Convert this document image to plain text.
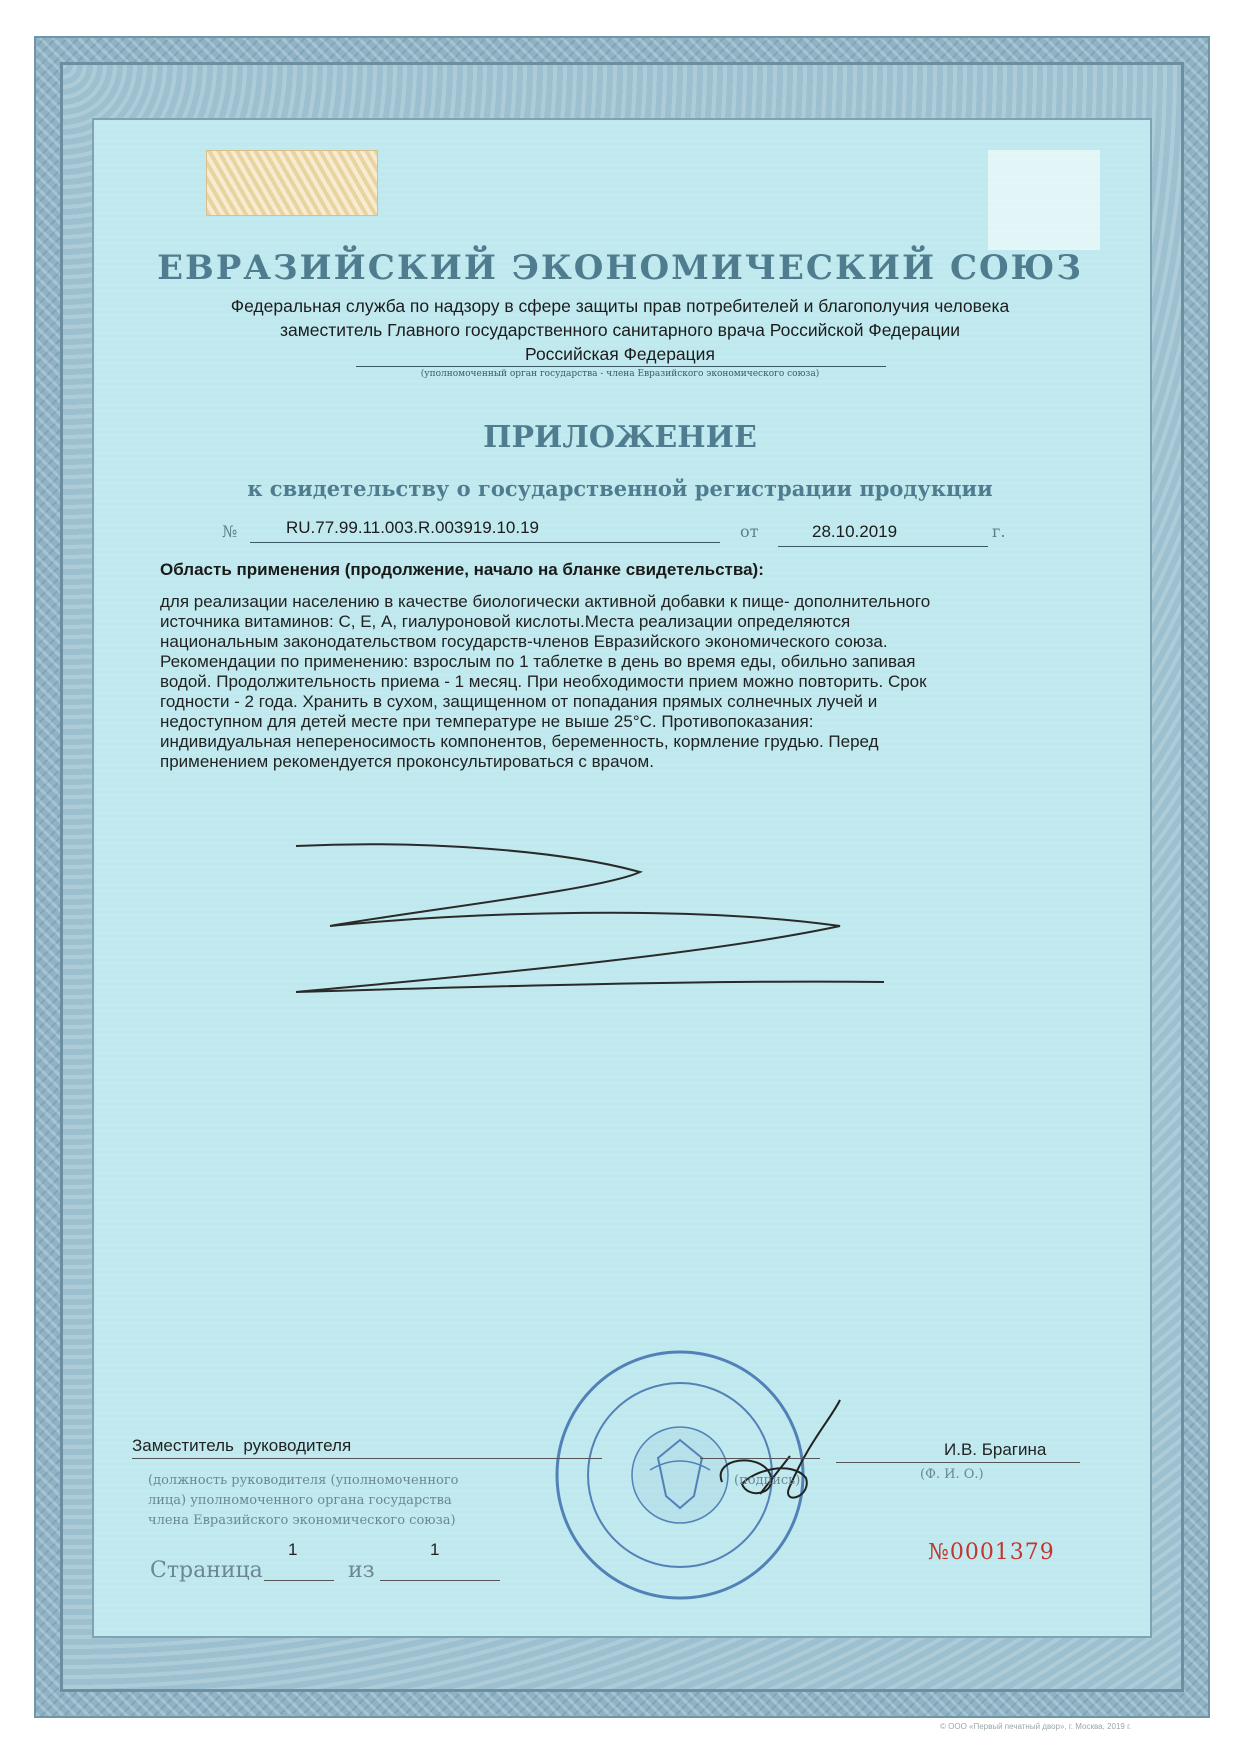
ЕВРАЗИЙСКИЙ ЭКОНОМИЧЕСКИЙ СОЮЗ
Федеральная служба по надзору в сфере защиты прав потребителей и благополучия человека
заместитель Главного государственного санитарного врача Российской Федерации
Российская Федерация
(уполномоченный орган государства - члена Евразийского экономического союза)
ПРИЛОЖЕНИЕ
к свидетельству о государственной регистрации продукции
№	RU.77.99.11.003.R.003919.10.19	от	28.10.2019	г.
Область применения (продолжение, начало на бланке свидетельства):
для реализации населению в качестве биологически активной добавки к пище- дополнительного
источника витаминов: С, Е, А, гиалуроновой кислоты.Места реализации определяются
национальным законодательством государств-членов Евразийского экономического союза.
Рекомендации по применению: взрослым по 1 таблетке в день во время еды, обильно запивая
водой. Продолжительность приема - 1 месяц. При необходимости прием можно повторить. Срок
годности - 2 года. Хранить в сухом, защищенном от попадания прямых солнечных лучей и
недоступном для детей месте при температуре не выше 25°С. Противопоказания:
индивидуальная непереносимость компонентов, беременность, кормление грудью. Перед
применением рекомендуется проконсультироваться с врачом.
Заместитель  руководителя
(должность руководителя (уполномоченного
лица) уполномоченного органа государства
члена Евразийского экономического союза)
(подпись)
И.В. Брагина
(Ф. И. О.)
Страница
1
из
1	№0001379
© ООО «Первый печатный двор», г. Москва, 2019 г.
